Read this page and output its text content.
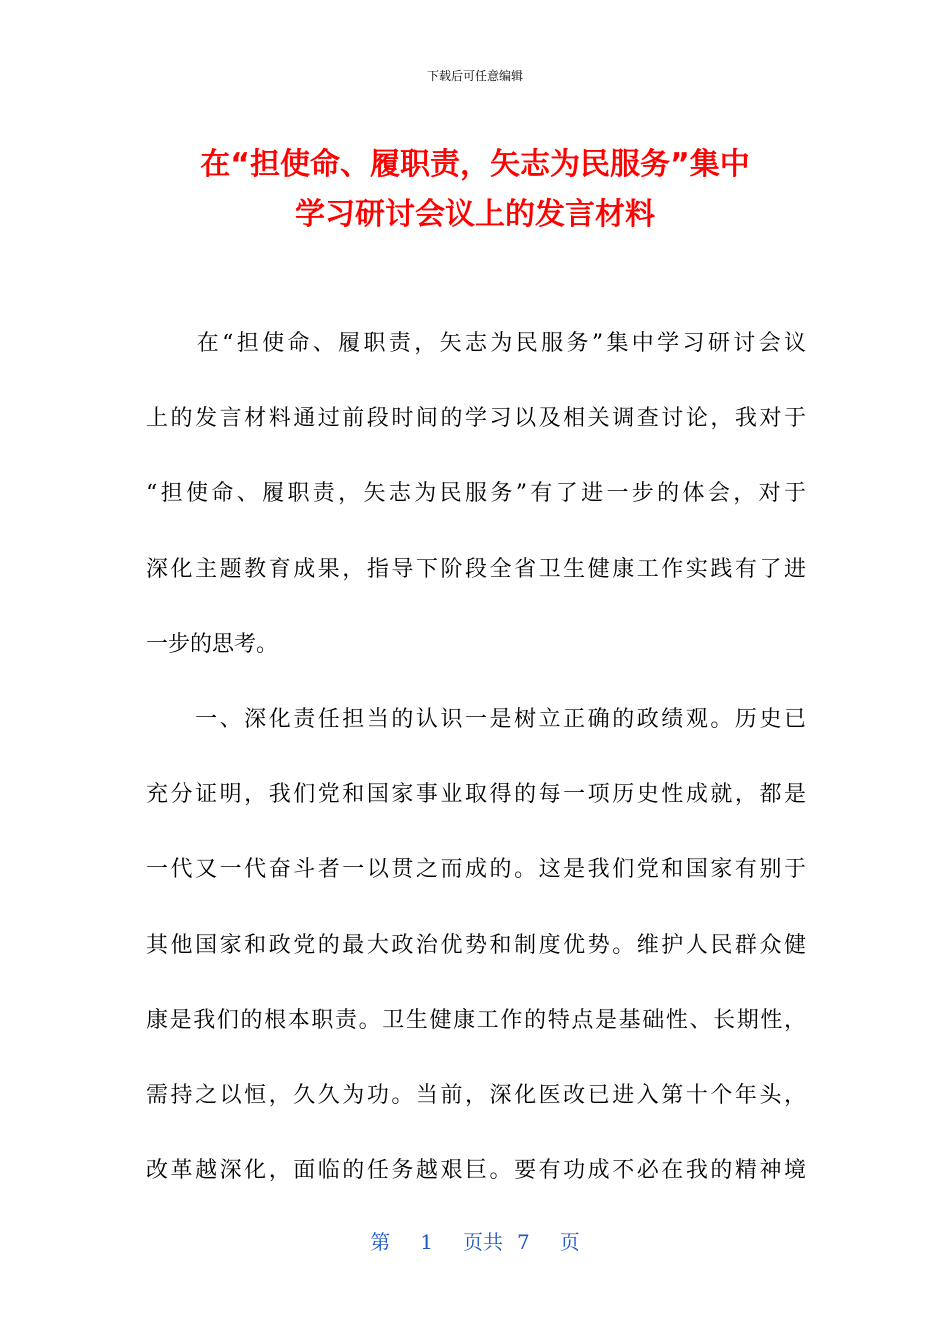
下载后可任意编辑
在“担使命、履职责，矢志为民服务”集中
学习研讨会议上的发言材料
　　在“担使命、履职责，矢志为民服务”集中学习研讨会议
上的发言材料通过前段时间的学习以及相关调查讨论，我对于
“担使命、履职责，矢志为民服务”有了进一步的体会，对于
深化主题教育成果，指导下阶段全省卫生健康工作实践有了进
一步的思考。
　　一、深化责任担当的认识一是树立正确的政绩观。历史已
充分证明，我们党和国家事业取得的每一项历史性成就，都是
一代又一代奋斗者一以贯之而成的。这是我们党和国家有别于
其他国家和政党的最大政治优势和制度优势。维护人民群众健
康是我们的根本职责。卫生健康工作的特点是基础性、长期性，
需持之以恒，久久为功。当前，深化医改已进入第十个年头，
改革越深化，面临的任务越艰巨。要有功成不必在我的精神境
第 1 页共 7 页
